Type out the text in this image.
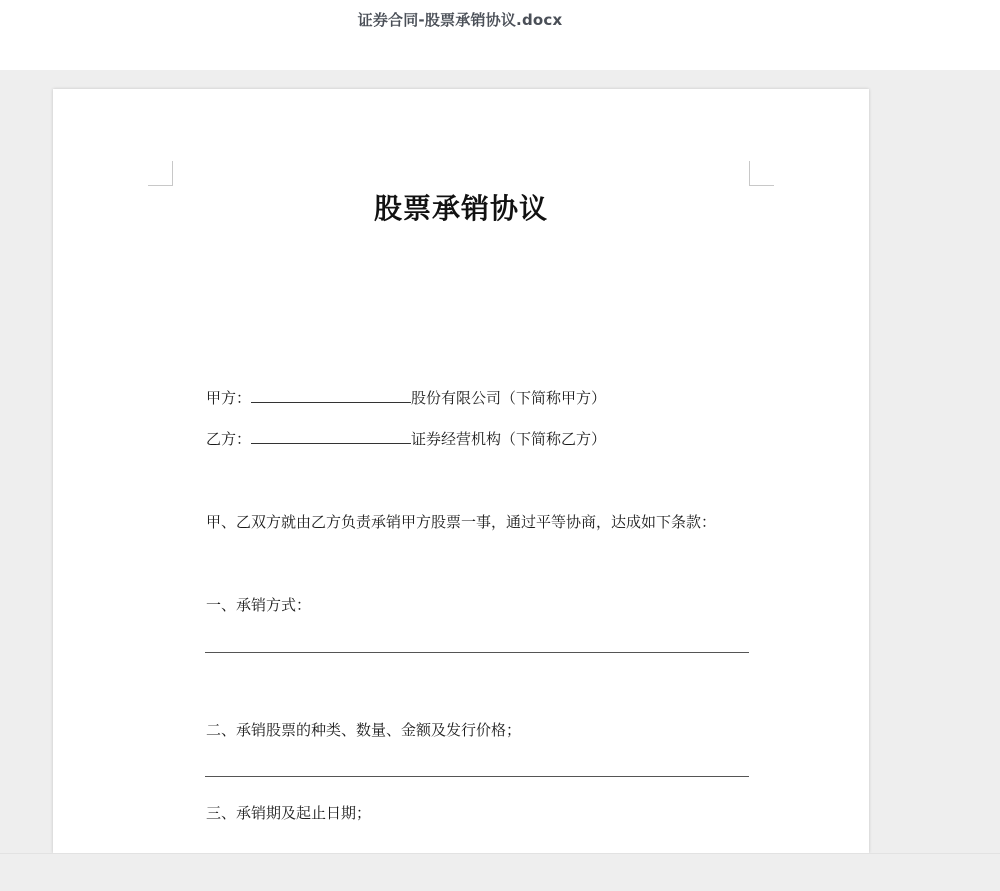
证券合同-股票承销协议.docx
股票承销协议
甲方：	股份有限公司（下简称甲方）
乙方：	证券经营机构（下简称乙方）
甲、乙双方就由乙方负责承销甲方股票一事，通过平等协商，达成如下条款：
一、承销方式：
二、承销股票的种类、数量、金额及发行价格；
三、承销期及起止日期；
